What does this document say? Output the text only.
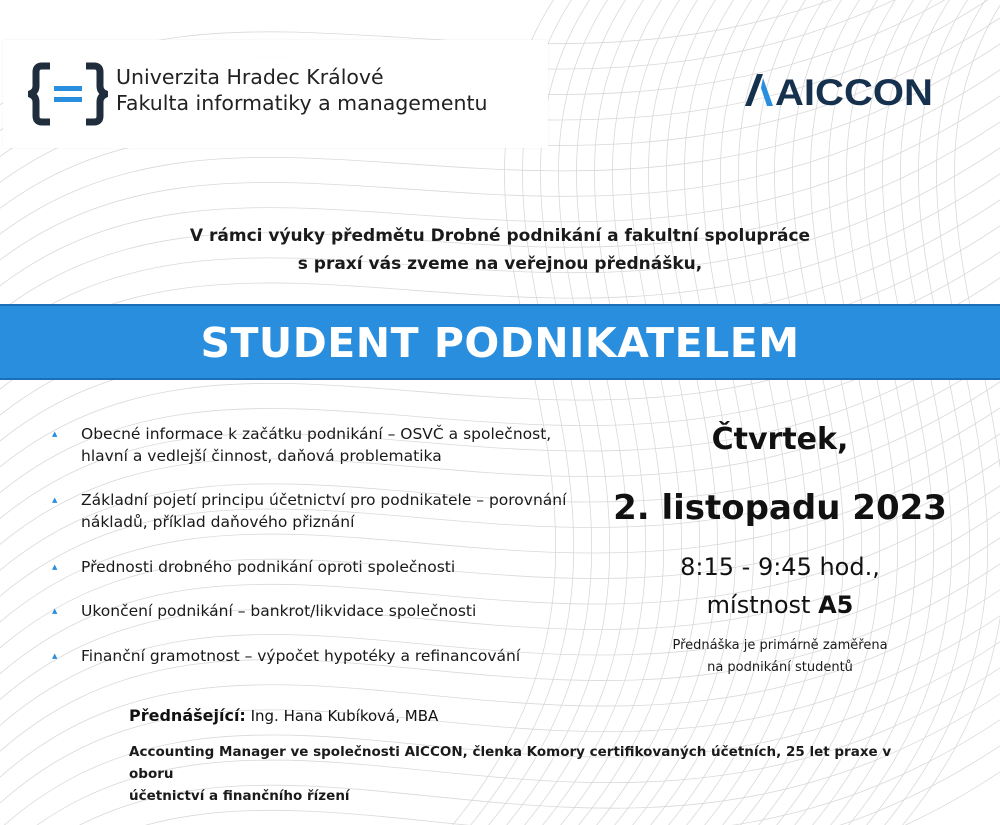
Univerzita Hradec Králové
Fakulta informatiky a managementu	AICCON
V rámci výuky předmětu Drobné podnikání a fakultní spolupráce
s praxí vás zveme na veřejnou přednášku,
STUDENT PODNIKATELEM
▲ Obecné informace k začátku podnikání – OSVČ a společnost,
hlavní a vedlejší činnost, daňová problematika
▲ Základní pojetí principu účetnictví pro podnikatele – porovnání
nákladů, příklad daňového přiznání
▲ Přednosti drobného podnikání oproti společnosti
▲ Ukončení podnikání – bankrot/likvidace společnosti
▲ Finanční gramotnost – výpočet hypotéky a refinancování
Čtvrtek,
2. listopadu 2023
8:15 - 9:45 hod.,
místnost A5
Přednáška je primárně zaměřena
na podnikání studentů
Přednášející: Ing. Hana Kubíková, MBA
Accounting Manager ve společnosti AICCON, členka Komory certifikovaných účetních, 25 let praxe v oboru
účetnictví a finančního řízení
